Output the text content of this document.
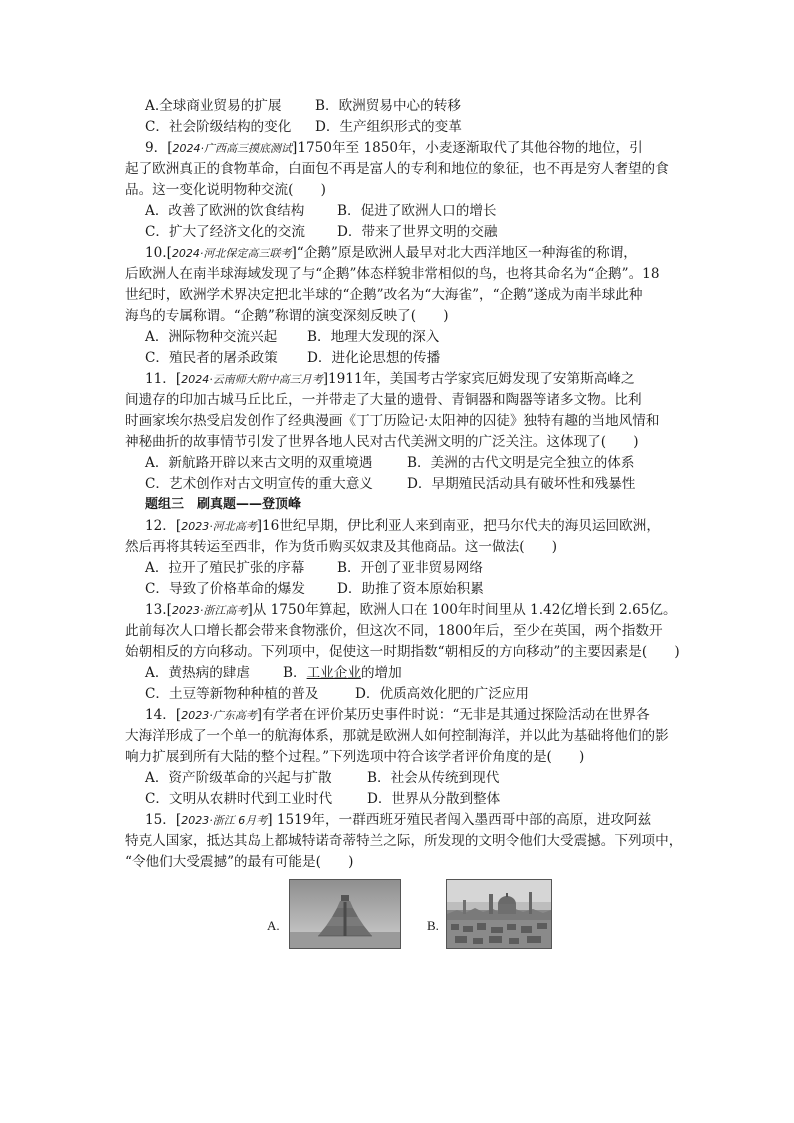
A.全球商业贸易的扩展 B．欧洲贸易中心的转移
C．社会阶级结构的变化 D．生产组织形式的变革
9．[2024·广西高三摸底测试]1750年至 1850年，小麦逐渐取代了其他谷物的地位，引
起了欧洲真正的食物革命，白面包不再是富人的专利和地位的象征，也不再是穷人奢望的食
品。这一变化说明物种交流(　　)
A．改善了欧洲的饮食结构 B．促进了欧洲人口的增长
C．扩大了经济文化的交流 D．带来了世界文明的交融
10.[2024·河北保定高三联考]“企鹅”原是欧洲人最早对北大西洋地区一种海雀的称谓，
后欧洲人在南半球海域发现了与“企鹅”体态样貌非常相似的鸟，也将其命名为“企鹅”。18
世纪时，欧洲学术界决定把北半球的“企鹅”改名为“大海雀”，“企鹅”遂成为南半球此种
海鸟的专属称谓。“企鹅”称谓的演变深刻反映了(　　)
A．洲际物种交流兴起 B．地理大发现的深入
C．殖民者的屠杀政策 D．进化论思想的传播
11．[2024·云南师大附中高三月考]1911年，美国考古学家宾厄姆发现了安第斯高峰之
间遗存的印加古城马丘比丘，一并带走了大量的遗骨、青铜器和陶器等诸多文物。比利
时画家埃尔热受启发创作了经典漫画《丁丁历险记·太阳神的囚徒》独特有趣的当地风情和
神秘曲折的故事情节引发了世界各地人民对古代美洲文明的广泛关注。这体现了(　　)
A．新航路开辟以来古文明的双重境遇	B．美洲的古代文明是完全独立的体系
C．艺术创作对古文明宣传的重大意义	D．早期殖民活动具有破坏性和残暴性
题组三　刷真题——登顶峰
12．[2023·河北高考]16世纪早期，伊比利亚人来到南亚，把马尔代夫的海贝运回欧洲，
然后再将其转运至西非，作为货币购买奴隶及其他商品。这一做法(　　)
A．拉开了殖民扩张的序幕 B．开创了亚非贸易网络
C．导致了价格革命的爆发 D．助推了资本原始积累
13.[2023·浙江高考]从 1750年算起，欧洲人口在 100年时间里从 1.42亿增长到 2.65亿。
此前每次人口增长都会带来食物涨价，但这次不同，1800年后，至少在英国，两个指数开
始朝相反的方向移动。下列项中，促使这一时期指数“朝相反的方向移动”的主要因素是(　　)
A．黄热病的肆虐 B．工业企业的增加
C．土豆等新物种种植的普及	D．优质高效化肥的广泛应用
14．[2023·广东高考]有学者在评价某历史事件时说：“无非是其通过探险活动在世界各
大海洋形成了一个单一的航海体系，那就是欧洲人如何控制海洋，并以此为基础将他们的影
响力扩展到所有大陆的整个过程。”下列选项中符合该学者评价角度的是(　　)
A．资产阶级革命的兴起与扩散	B．社会从传统到现代
C．文明从农耕时代到工业时代	D．世界从分散到整体
15．[2023·浙江 6月考] 1519年，一群西班牙殖民者闯入墨西哥中部的高原，进攻阿兹
特克人国家，抵达其岛上都城特诺奇蒂特兰之际，所发现的文明令他们大受震撼。下列项中，
“令他们大受震撼”的最有可能是(　　)
A.	B.
